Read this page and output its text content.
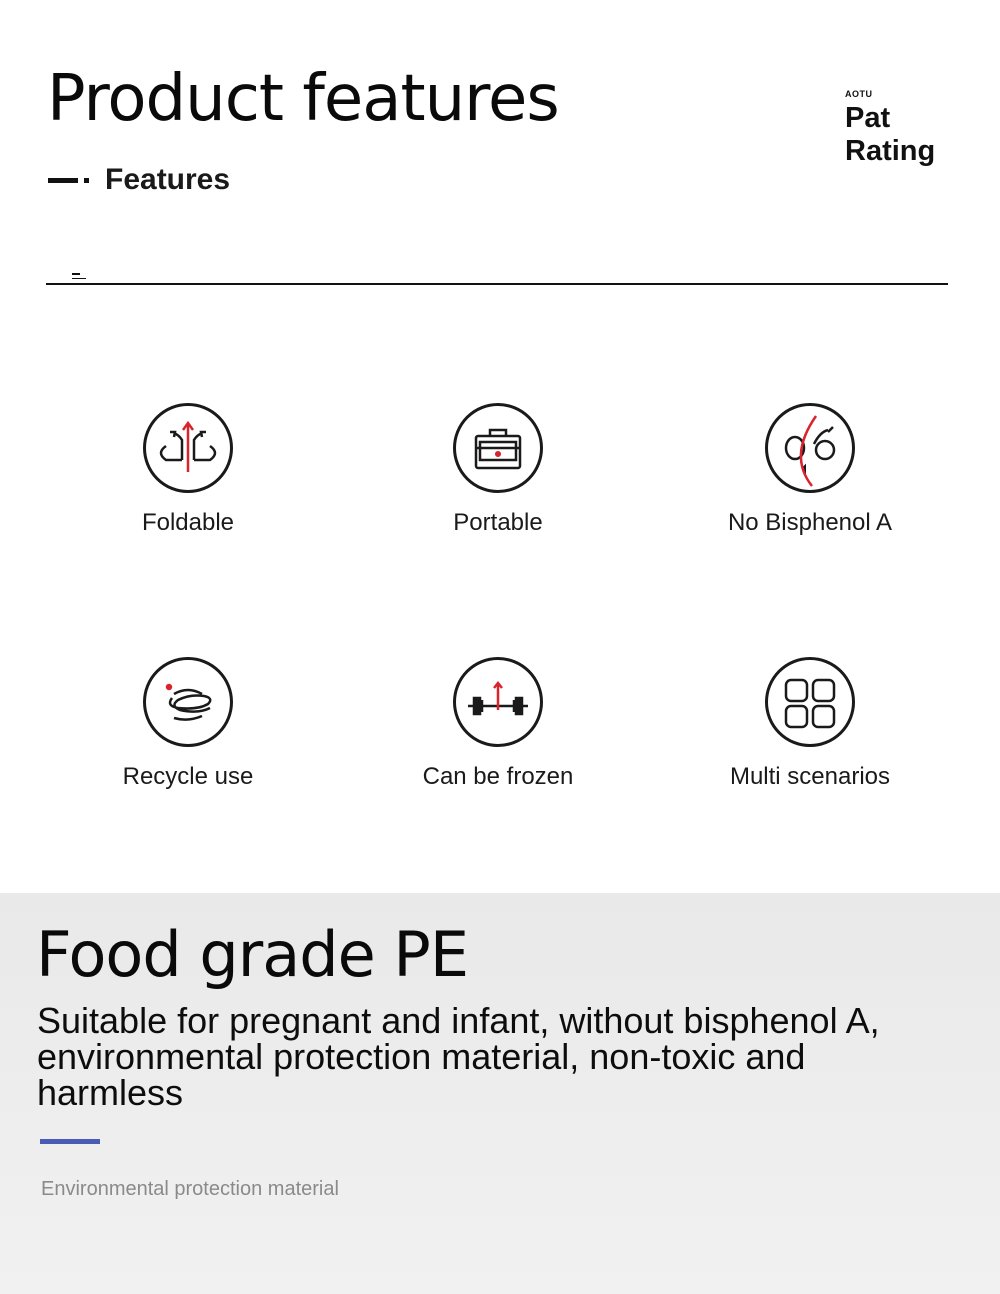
Product features
Features
AOTU
Pat
Rating
Foldable	Portable	No Bisphenol A
Recycle use	Can be frozen	Multi scenarios
Food grade PE
Suitable for pregnant and infant, without bisphenol A, environmental protection material, non-toxic and harmless
Environmental protection material
